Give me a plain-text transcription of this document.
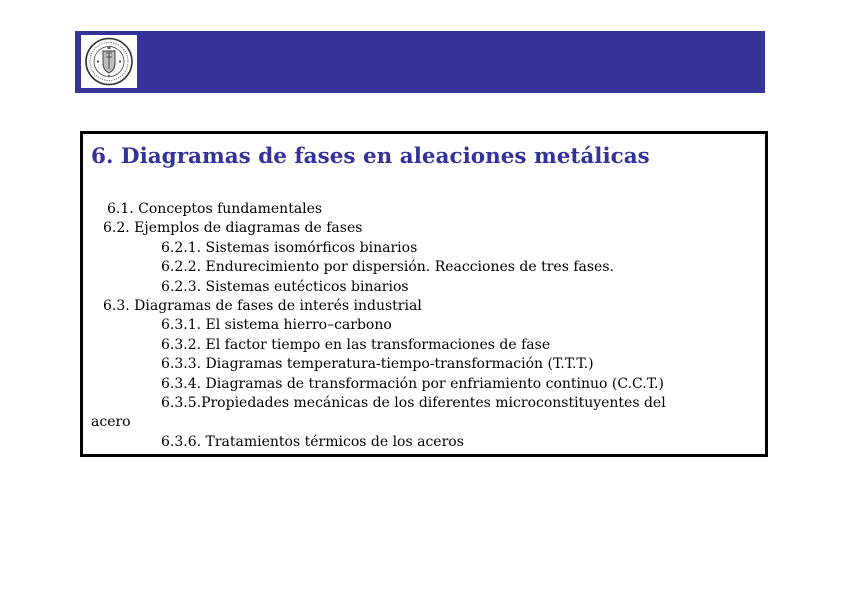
6. Diagramas de fases en aleaciones metálicas
6.1. Conceptos fundamentales
6.2. Ejemplos de diagramas de fases
6.2.1. Sistemas isomórficos binarios
6.2.2. Endurecimiento por dispersión. Reacciones de tres fases.
6.2.3. Sistemas eutécticos binarios
6.3. Diagramas de fases de interés industrial
6.3.1. El sistema hierro–carbono
6.3.2. El factor tiempo en las transformaciones de fase
6.3.3. Diagramas temperatura-tiempo-transformación (T.T.T.)
6.3.4. Diagramas de transformación por enfriamiento continuo (C.C.T.)
6.3.5.Propiedades mecánicas de los diferentes microconstituyentes del
acero
6.3.6. Tratamientos térmicos de los aceros
